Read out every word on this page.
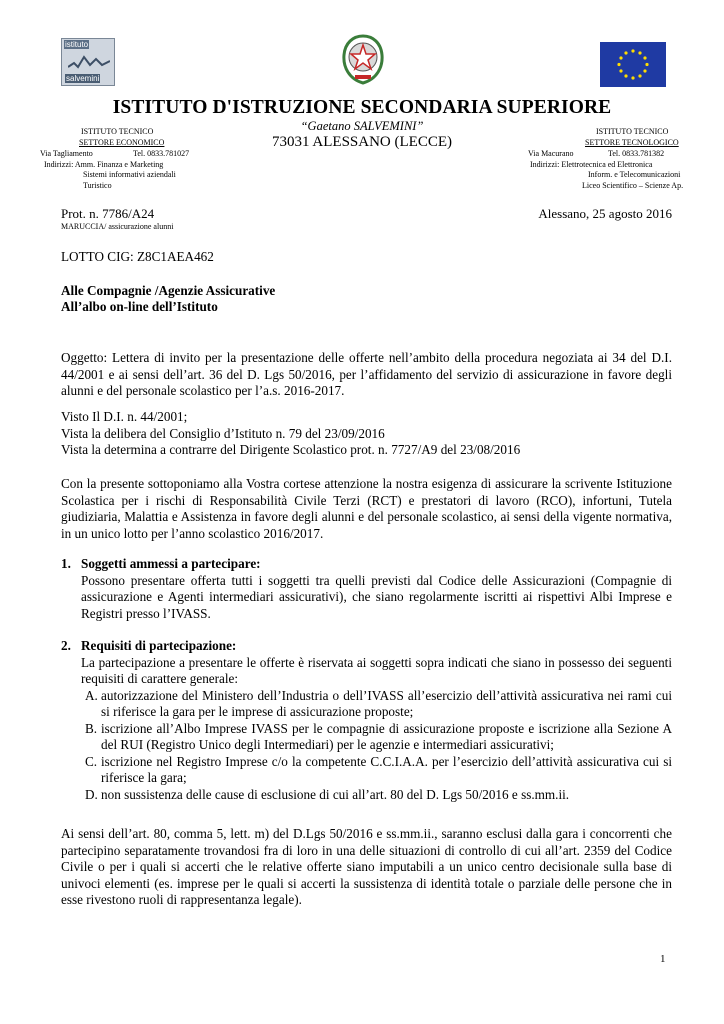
istituto
salvemini
ISTITUTO D'ISTRUZIONE SECONDARIA SUPERIORE
“Gaetano SALVEMINI”
73031 ALESSANO (LECCE)
ISTITUTO TECNICO
SETTORE ECONOMICO
Via Tagliamento	Tel. 0833.781027
Indirizzi: Amm. Finanza e Marketing
Sistemi informativi aziendali
Turistico
ISTITUTO TECNICO
SETTORE TECNOLOGICO
Via Macurano	Tel. 0833.781382
Indirizzi: Elettrotecnica ed Elettronica
Inform. e Telecomunicazioni
Liceo Scientifico – Scienze Ap.
Prot. n. 7786/A24	Alessano, 25 agosto 2016
MARUCCIA/ assicurazione alunni
LOTTO CIG: Z8C1AEA462
Alle Compagnie /Agenzie Assicurative
All’albo on-line dell’Istituto
Oggetto: Lettera di invito per la presentazione delle offerte nell’ambito della procedura negoziata ai 34 del D.I. 44/2001 e ai sensi dell’art. 36 del D. Lgs 50/2016, per l’affidamento del servizio di assicurazione in favore degli alunni e del personale scolastico per l’a.s. 2016-2017.
Visto Il D.I. n. 44/2001;
Vista la delibera del Consiglio d’Istituto n. 79 del 23/09/2016
Vista la determina a contrarre del Dirigente Scolastico prot. n. 7727/A9 del 23/08/2016
Con la presente sottoponiamo alla Vostra cortese attenzione la nostra esigenza di assicurare la scrivente Istituzione Scolastica per i rischi di Responsabilità Civile Terzi (RCT) e prestatori di lavoro (RCO), infortuni, Tutela giudiziaria, Malattia e Assistenza in favore degli alunni e del personale scolastico, ai sensi della vigente normativa, in un unico lotto per l’anno scolastico 2016/2017.
1. Soggetti ammessi a partecipare:
Possono presentare offerta tutti i soggetti tra quelli previsti dal Codice delle Assicurazioni (Compagnie di assicurazione e Agenti intermediari assicurativi), che siano regolarmente iscritti ai rispettivi Albi Imprese e Registri presso l’IVASS.
2. Requisiti di partecipazione:
La partecipazione a presentare le offerte è riservata ai soggetti sopra indicati che siano in possesso dei seguenti requisiti di carattere generale:
A. autorizzazione del Ministero dell’Industria o dell’IVASS all’esercizio dell’attività assicurativa nei rami cui si riferisce la gara per le imprese di assicurazione proposte;
B. iscrizione all’Albo Imprese IVASS per le compagnie di assicurazione proposte e iscrizione alla Sezione A del RUI (Registro Unico degli Intermediari) per le agenzie e intermediari assicurativi;
C. iscrizione nel Registro Imprese c/o la competente C.C.I.A.A. per l’esercizio dell’attività assicurativa cui si riferisce la gara;
D. non sussistenza delle cause di esclusione di cui all’art. 80 del D. Lgs 50/2016 e ss.mm.ii.
Ai sensi dell’art. 80, comma 5, lett. m) del D.Lgs 50/2016 e ss.mm.ii., saranno esclusi dalla gara i concorrenti che partecipino separatamente trovandosi fra di loro in una delle situazioni di controllo di cui all’art. 2359 del Codice Civile o per i quali si accerti che le relative offerte siano imputabili a un unico centro decisionale sulla base di univoci elementi (es. imprese per le quali si accerti la sussistenza di identità totale o parziale delle persone che in esse rivestono ruoli di rappresentanza legale).
1
